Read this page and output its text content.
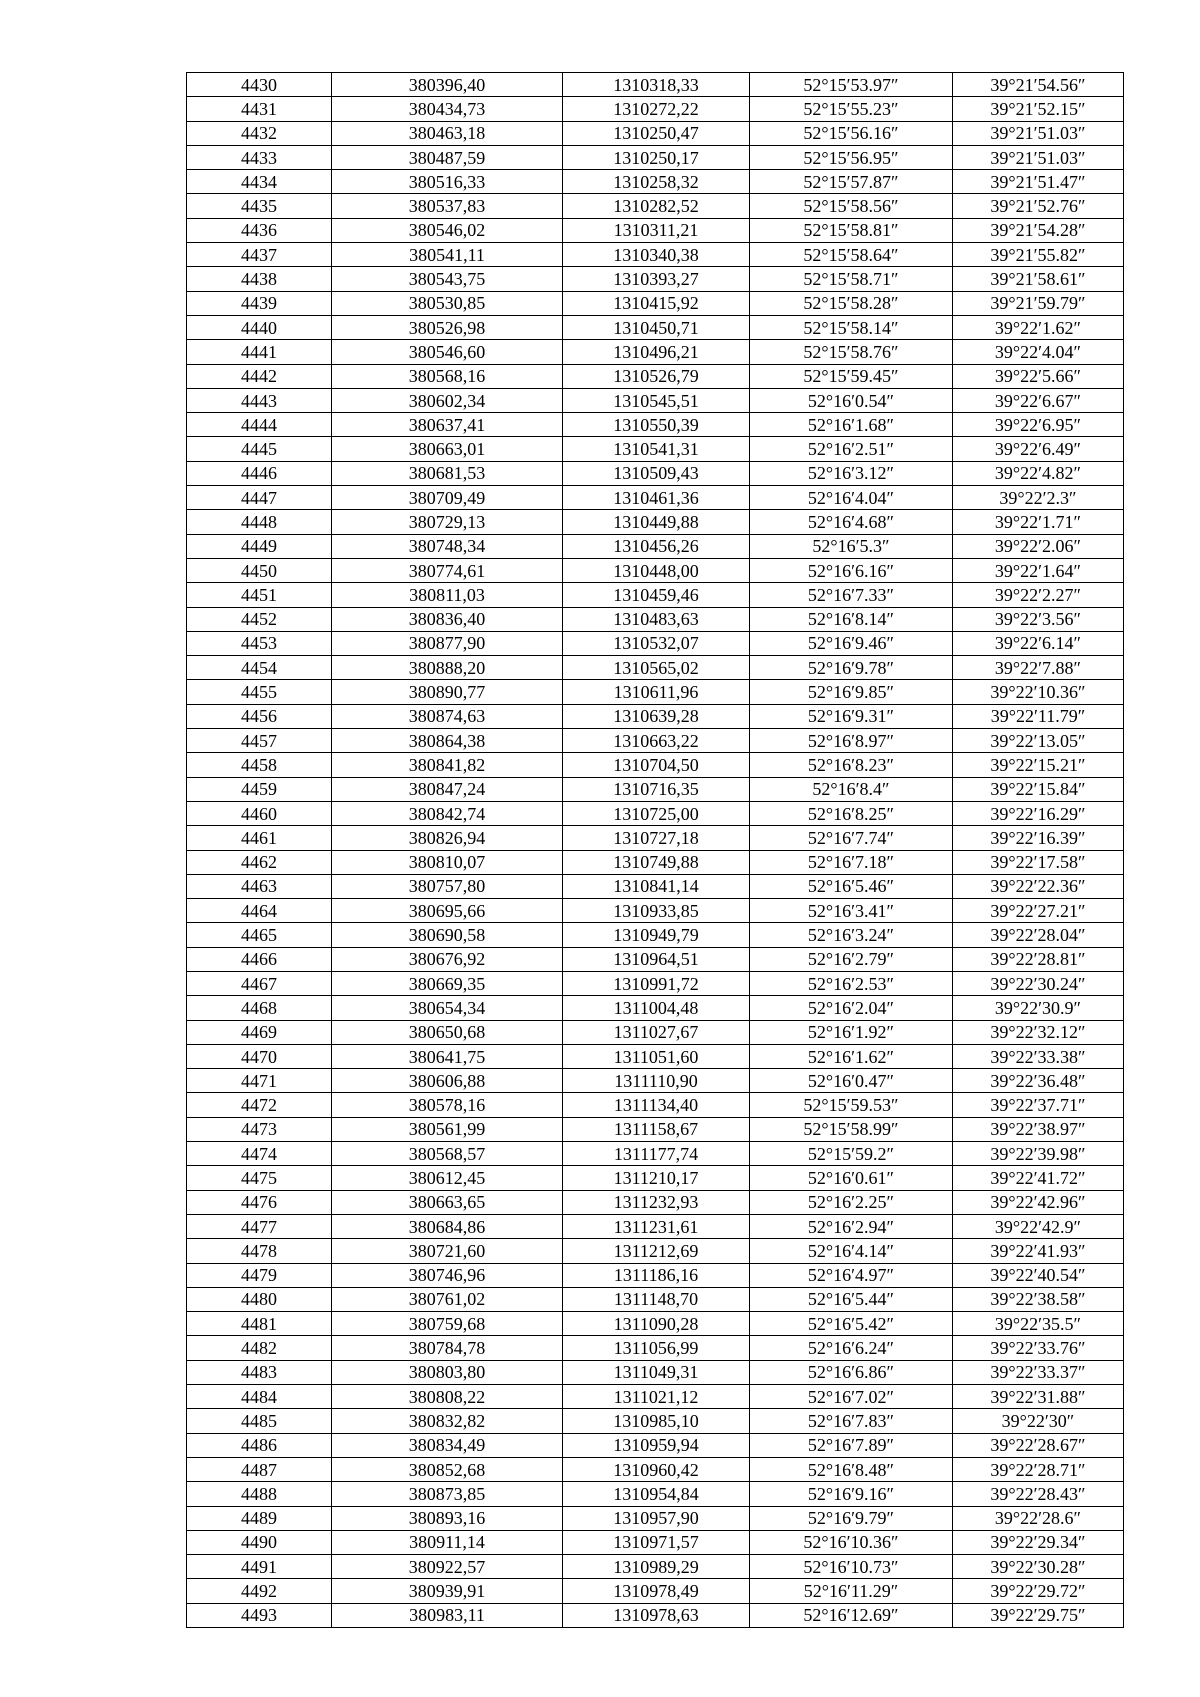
4430	380396,40	1310318,33	52°15′53.97″	39°21′54.56″
4431	380434,73	1310272,22	52°15′55.23″	39°21′52.15″
4432	380463,18	1310250,47	52°15′56.16″	39°21′51.03″
4433	380487,59	1310250,17	52°15′56.95″	39°21′51.03″
4434	380516,33	1310258,32	52°15′57.87″	39°21′51.47″
4435	380537,83	1310282,52	52°15′58.56″	39°21′52.76″
4436	380546,02	1310311,21	52°15′58.81″	39°21′54.28″
4437	380541,11	1310340,38	52°15′58.64″	39°21′55.82″
4438	380543,75	1310393,27	52°15′58.71″	39°21′58.61″
4439	380530,85	1310415,92	52°15′58.28″	39°21′59.79″
4440	380526,98	1310450,71	52°15′58.14″	39°22′1.62″
4441	380546,60	1310496,21	52°15′58.76″	39°22′4.04″
4442	380568,16	1310526,79	52°15′59.45″	39°22′5.66″
4443	380602,34	1310545,51	52°16′0.54″	39°22′6.67″
4444	380637,41	1310550,39	52°16′1.68″	39°22′6.95″
4445	380663,01	1310541,31	52°16′2.51″	39°22′6.49″
4446	380681,53	1310509,43	52°16′3.12″	39°22′4.82″
4447	380709,49	1310461,36	52°16′4.04″	39°22′2.3″
4448	380729,13	1310449,88	52°16′4.68″	39°22′1.71″
4449	380748,34	1310456,26	52°16′5.3″	39°22′2.06″
4450	380774,61	1310448,00	52°16′6.16″	39°22′1.64″
4451	380811,03	1310459,46	52°16′7.33″	39°22′2.27″
4452	380836,40	1310483,63	52°16′8.14″	39°22′3.56″
4453	380877,90	1310532,07	52°16′9.46″	39°22′6.14″
4454	380888,20	1310565,02	52°16′9.78″	39°22′7.88″
4455	380890,77	1310611,96	52°16′9.85″	39°22′10.36″
4456	380874,63	1310639,28	52°16′9.31″	39°22′11.79″
4457	380864,38	1310663,22	52°16′8.97″	39°22′13.05″
4458	380841,82	1310704,50	52°16′8.23″	39°22′15.21″
4459	380847,24	1310716,35	52°16′8.4″	39°22′15.84″
4460	380842,74	1310725,00	52°16′8.25″	39°22′16.29″
4461	380826,94	1310727,18	52°16′7.74″	39°22′16.39″
4462	380810,07	1310749,88	52°16′7.18″	39°22′17.58″
4463	380757,80	1310841,14	52°16′5.46″	39°22′22.36″
4464	380695,66	1310933,85	52°16′3.41″	39°22′27.21″
4465	380690,58	1310949,79	52°16′3.24″	39°22′28.04″
4466	380676,92	1310964,51	52°16′2.79″	39°22′28.81″
4467	380669,35	1310991,72	52°16′2.53″	39°22′30.24″
4468	380654,34	1311004,48	52°16′2.04″	39°22′30.9″
4469	380650,68	1311027,67	52°16′1.92″	39°22′32.12″
4470	380641,75	1311051,60	52°16′1.62″	39°22′33.38″
4471	380606,88	1311110,90	52°16′0.47″	39°22′36.48″
4472	380578,16	1311134,40	52°15′59.53″	39°22′37.71″
4473	380561,99	1311158,67	52°15′58.99″	39°22′38.97″
4474	380568,57	1311177,74	52°15′59.2″	39°22′39.98″
4475	380612,45	1311210,17	52°16′0.61″	39°22′41.72″
4476	380663,65	1311232,93	52°16′2.25″	39°22′42.96″
4477	380684,86	1311231,61	52°16′2.94″	39°22′42.9″
4478	380721,60	1311212,69	52°16′4.14″	39°22′41.93″
4479	380746,96	1311186,16	52°16′4.97″	39°22′40.54″
4480	380761,02	1311148,70	52°16′5.44″	39°22′38.58″
4481	380759,68	1311090,28	52°16′5.42″	39°22′35.5″
4482	380784,78	1311056,99	52°16′6.24″	39°22′33.76″
4483	380803,80	1311049,31	52°16′6.86″	39°22′33.37″
4484	380808,22	1311021,12	52°16′7.02″	39°22′31.88″
4485	380832,82	1310985,10	52°16′7.83″	39°22′30″
4486	380834,49	1310959,94	52°16′7.89″	39°22′28.67″
4487	380852,68	1310960,42	52°16′8.48″	39°22′28.71″
4488	380873,85	1310954,84	52°16′9.16″	39°22′28.43″
4489	380893,16	1310957,90	52°16′9.79″	39°22′28.6″
4490	380911,14	1310971,57	52°16′10.36″	39°22′29.34″
4491	380922,57	1310989,29	52°16′10.73″	39°22′30.28″
4492	380939,91	1310978,49	52°16′11.29″	39°22′29.72″
4493	380983,11	1310978,63	52°16′12.69″	39°22′29.75″
